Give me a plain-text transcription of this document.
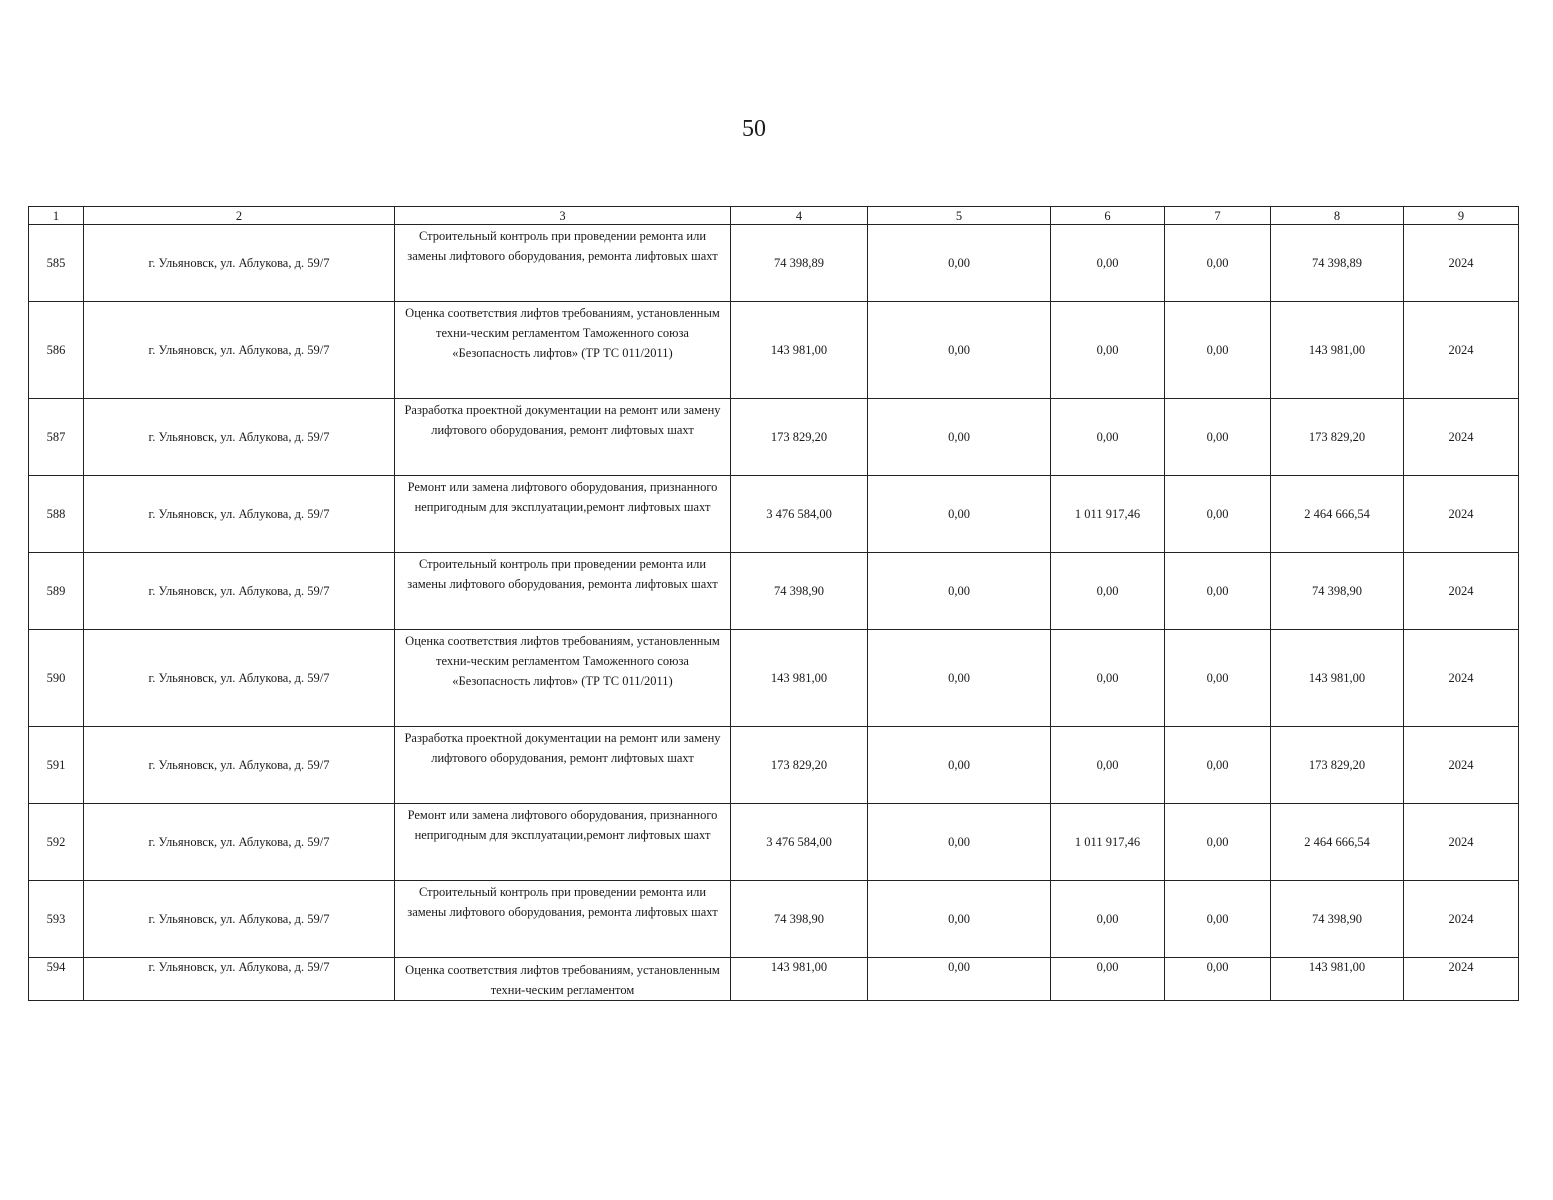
50
1	2	3	4	5	6	7	8	9
585	г. Ульяновск, ул. Аблукова, д. 59/7	Строительный контроль при проведении ремонта или замены лифтового оборудования, ремонта лифтовых шахт	74 398,89	0,00	0,00	0,00	74 398,89	2024
586	г. Ульяновск, ул. Аблукова, д. 59/7	Оценка соответствия лифтов требованиям, установленным техни-ческим регламентом Таможенного союза «Безопасность лифтов» (ТР ТС 011/2011)	143 981,00	0,00	0,00	0,00	143 981,00	2024
587	г. Ульяновск, ул. Аблукова, д. 59/7	Разработка проектной документации на ремонт или замену лифтового оборудования, ремонт лифтовых шахт	173 829,20	0,00	0,00	0,00	173 829,20	2024
588	г. Ульяновск, ул. Аблукова, д. 59/7	Ремонт или замена лифтового оборудования, признанного непригодным для эксплуатации,ремонт лифтовых шахт	3 476 584,00	0,00	1 011 917,46	0,00	2 464 666,54	2024
589	г. Ульяновск, ул. Аблукова, д. 59/7	Строительный контроль при проведении ремонта или замены лифтового оборудования, ремонта лифтовых шахт	74 398,90	0,00	0,00	0,00	74 398,90	2024
590	г. Ульяновск, ул. Аблукова, д. 59/7	Оценка соответствия лифтов требованиям, установленным техни-ческим регламентом Таможенного союза «Безопасность лифтов» (ТР ТС 011/2011)	143 981,00	0,00	0,00	0,00	143 981,00	2024
591	г. Ульяновск, ул. Аблукова, д. 59/7	Разработка проектной документации на ремонт или замену лифтового оборудования, ремонт лифтовых шахт	173 829,20	0,00	0,00	0,00	173 829,20	2024
592	г. Ульяновск, ул. Аблукова, д. 59/7	Ремонт или замена лифтового оборудования, признанного непригодным для эксплуатации,ремонт лифтовых шахт	3 476 584,00	0,00	1 011 917,46	0,00	2 464 666,54	2024
593	г. Ульяновск, ул. Аблукова, д. 59/7	Строительный контроль при проведении ремонта или замены лифтового оборудования, ремонта лифтовых шахт	74 398,90	0,00	0,00	0,00	74 398,90	2024
594	г. Ульяновск, ул. Аблукова, д. 59/7	Оценка соответствия лифтов требованиям, установленным техни-ческим регламентом	143 981,00	0,00	0,00	0,00	143 981,00	2024
